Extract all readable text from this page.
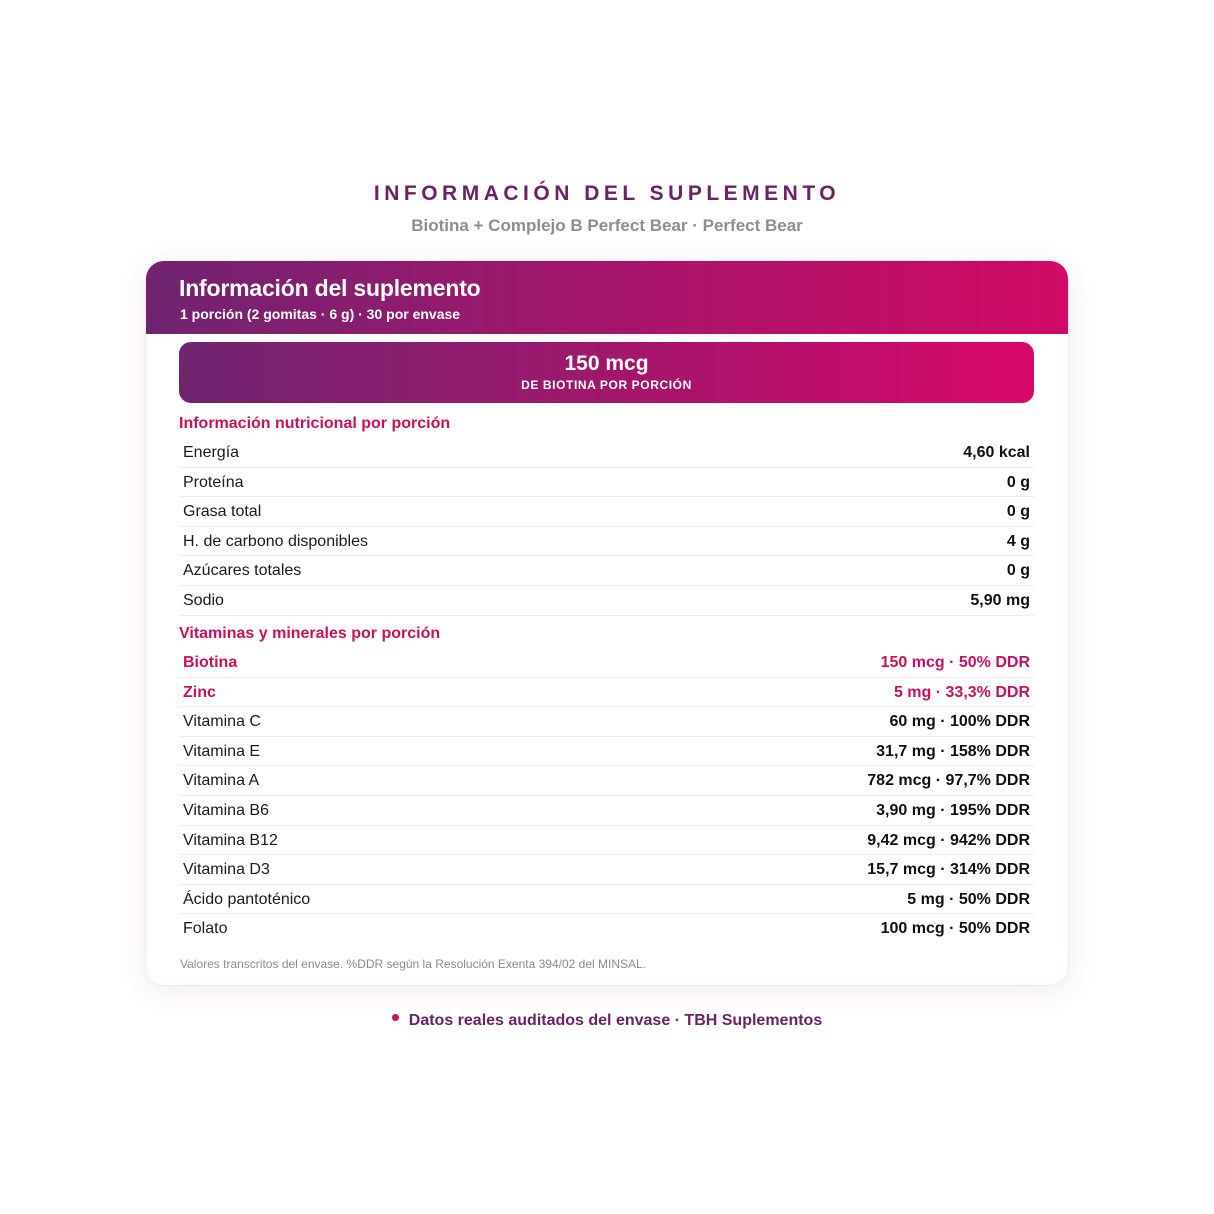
INFORMACIÓN DEL SUPLEMENTO
Biotina + Complejo B Perfect Bear · Perfect Bear
Información del suplemento
1 porción (2 gomitas · 6 g) · 30 por envase
150 mcg
DE BIOTINA POR PORCIÓN
Información nutricional por porción
Energía	4,60 kcal
Proteína	0 g
Grasa total	0 g
H. de carbono disponibles	4 g
Azúcares totales	0 g
Sodio	5,90 mg
Vitaminas y minerales por porción
Biotina	150 mcg · 50% DDR
Zinc	5 mg · 33,3% DDR
Vitamina C	60 mg · 100% DDR
Vitamina E	31,7 mg · 158% DDR
Vitamina A	782 mcg · 97,7% DDR
Vitamina B6	3,90 mg · 195% DDR
Vitamina B12	9,42 mcg · 942% DDR
Vitamina D3	15,7 mcg · 314% DDR
Ácido pantoténico	5 mg · 50% DDR
Folato	100 mcg · 50% DDR
Valores transcritos del envase. %DDR según la Resolución Exenta 394/02 del MINSAL.
Datos reales auditados del envase · TBH Suplementos
